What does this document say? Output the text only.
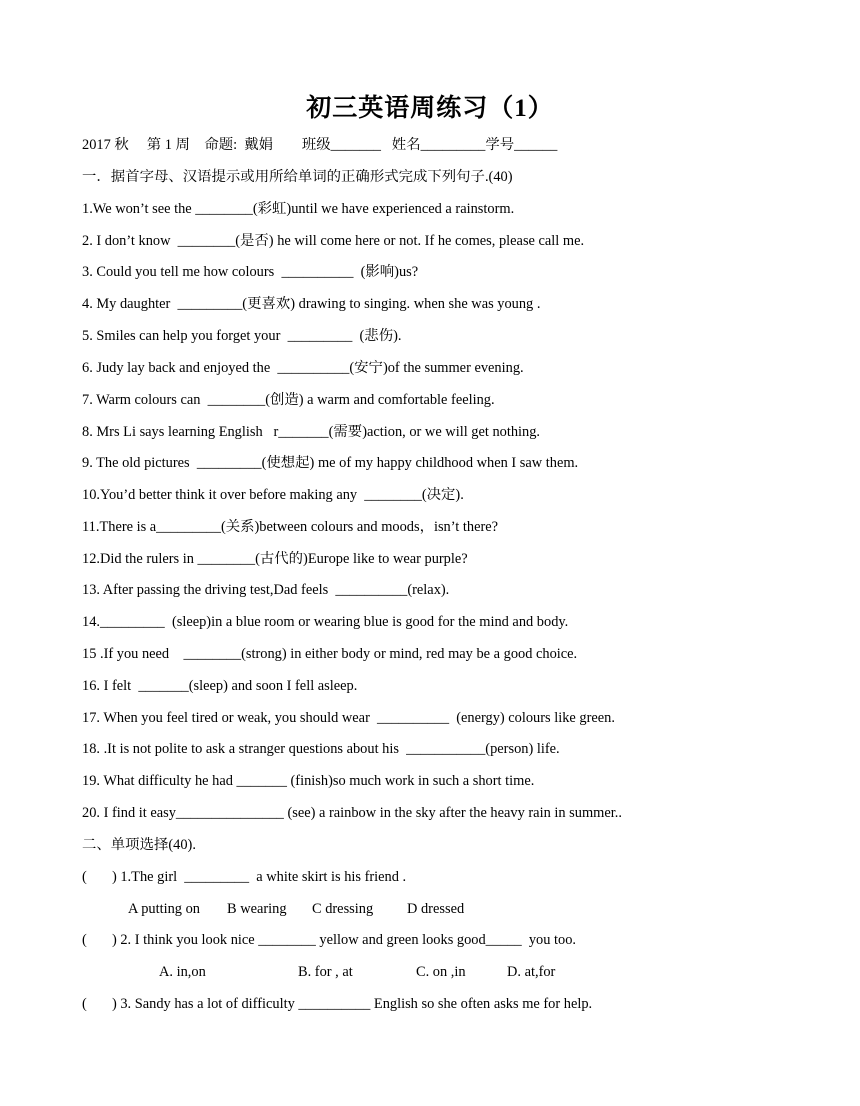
初三英语周练习（1）
2017 秋     第 1 周    命题:  戴娟        班级_______   姓名_________学号______
一．据首字母、汉语提示或用所给单词的正确形式完成下列句子.(40)
1.We won’t see the ________(彩虹)until we have experienced a rainstorm.
2. I don’t know  ________(是否) he will come here or not. If he comes, please call me.
3. Could you tell me how colours  __________  (影响)us?
4. My daughter  _________(更喜欢) drawing to singing. when she was young .
5. Smiles can help you forget your  _________  (悲伤).
6. Judy lay back and enjoyed the  __________(安宁)of the summer evening.
7. Warm colours can  ________(创造) a warm and comfortable feeling.
8. Mrs Li says learning English   r_______(需要)action, or we will get nothing.
9. The old pictures  _________(使想起) me of my happy childhood when I saw them.
10.You’d better think it over before making any  ________(决定).
11.There is a_________(关系)between colours and moods，isn’t there?
12.Did the rulers in ________(古代的)Europe like to wear purple?
13. After passing the driving test,Dad feels  __________(relax).
14._________  (sleep)in a blue room or wearing blue is good for the mind and body.
15 .If you need    ________(strong) in either body or mind, red may be a good choice.
16. I felt  _______(sleep) and soon I fell asleep.
17. When you feel tired or weak, you should wear  __________  (energy) colours like green.
18. .It is not polite to ask a stranger questions about his  ___________(person) life.
19. What difficulty he had _______ (finish)so much work in such a short time.
20. I find it easy_______________ (see) a rainbow in the sky after the heavy rain in summer..
二、单项选择(40).
(       ) 1.The girl  _________  a white skirt is his friend .
A putting on B wearing C dressing D dressed
(       ) 2. I think you look nice ________ yellow and green looks good_____  you too.
A. in,on	B. for , at	C. on ,in	D. at,for
(       ) 3. Sandy has a lot of difficulty __________ English so she often asks me for help.
